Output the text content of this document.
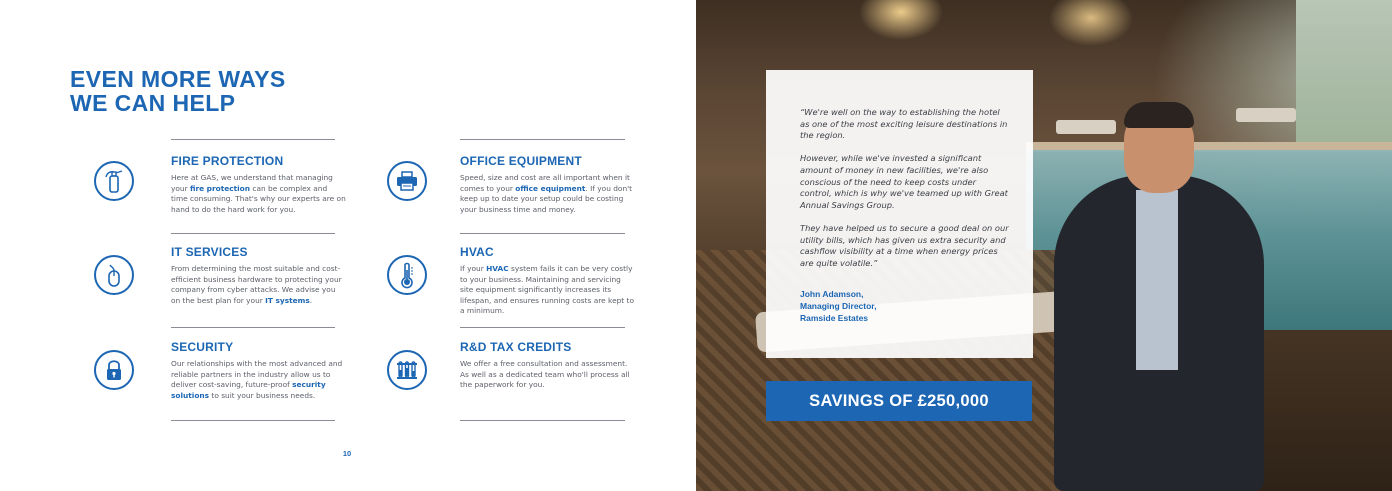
EVEN MORE WAYS
WE CAN HELP
FIRE PROTECTION
Here at GAS, we understand that managing your fire protection can be complex and time consuming. That's why our experts are on hand to do the hard work for you.
IT SERVICES
From determining the most suitable and cost-efficient business hardware to protecting your company from cyber attacks. We advise you on the best plan for your IT systems.
SECURITY
Our relationships with the most advanced and reliable partners in the industry allow us to deliver cost-saving, future-proof security solutions to suit your business needs.
OFFICE EQUIPMENT
Speed, size and cost are all important when it comes to your office equipment. If you don't keep up to date your setup could be costing your business time and money.
HVAC
If your HVAC system fails it can be very costly to your business. Maintaining and servicing site equipment significantly increases its lifespan, and ensures running costs are kept to a minimum.
R&D TAX CREDITS
We offer a free consultation and assessment. As well as a dedicated team who'll process all the paperwork for you.
10

“We're well on the way to establishing the hotel as one of the most exciting leisure destinations in the region.

However, while we've invested a significant amount of money in new facilities, we're also conscious of the need to keep costs under control, which is why we've teamed up with Great Annual Savings Group.

They have helped us to secure a good deal on our utility bills, which has given us extra security and cashflow visibility at a time when energy prices are quite volatile.”

John Adamson,
Managing Director,
Ramside Estates
SAVINGS OF £250,000
